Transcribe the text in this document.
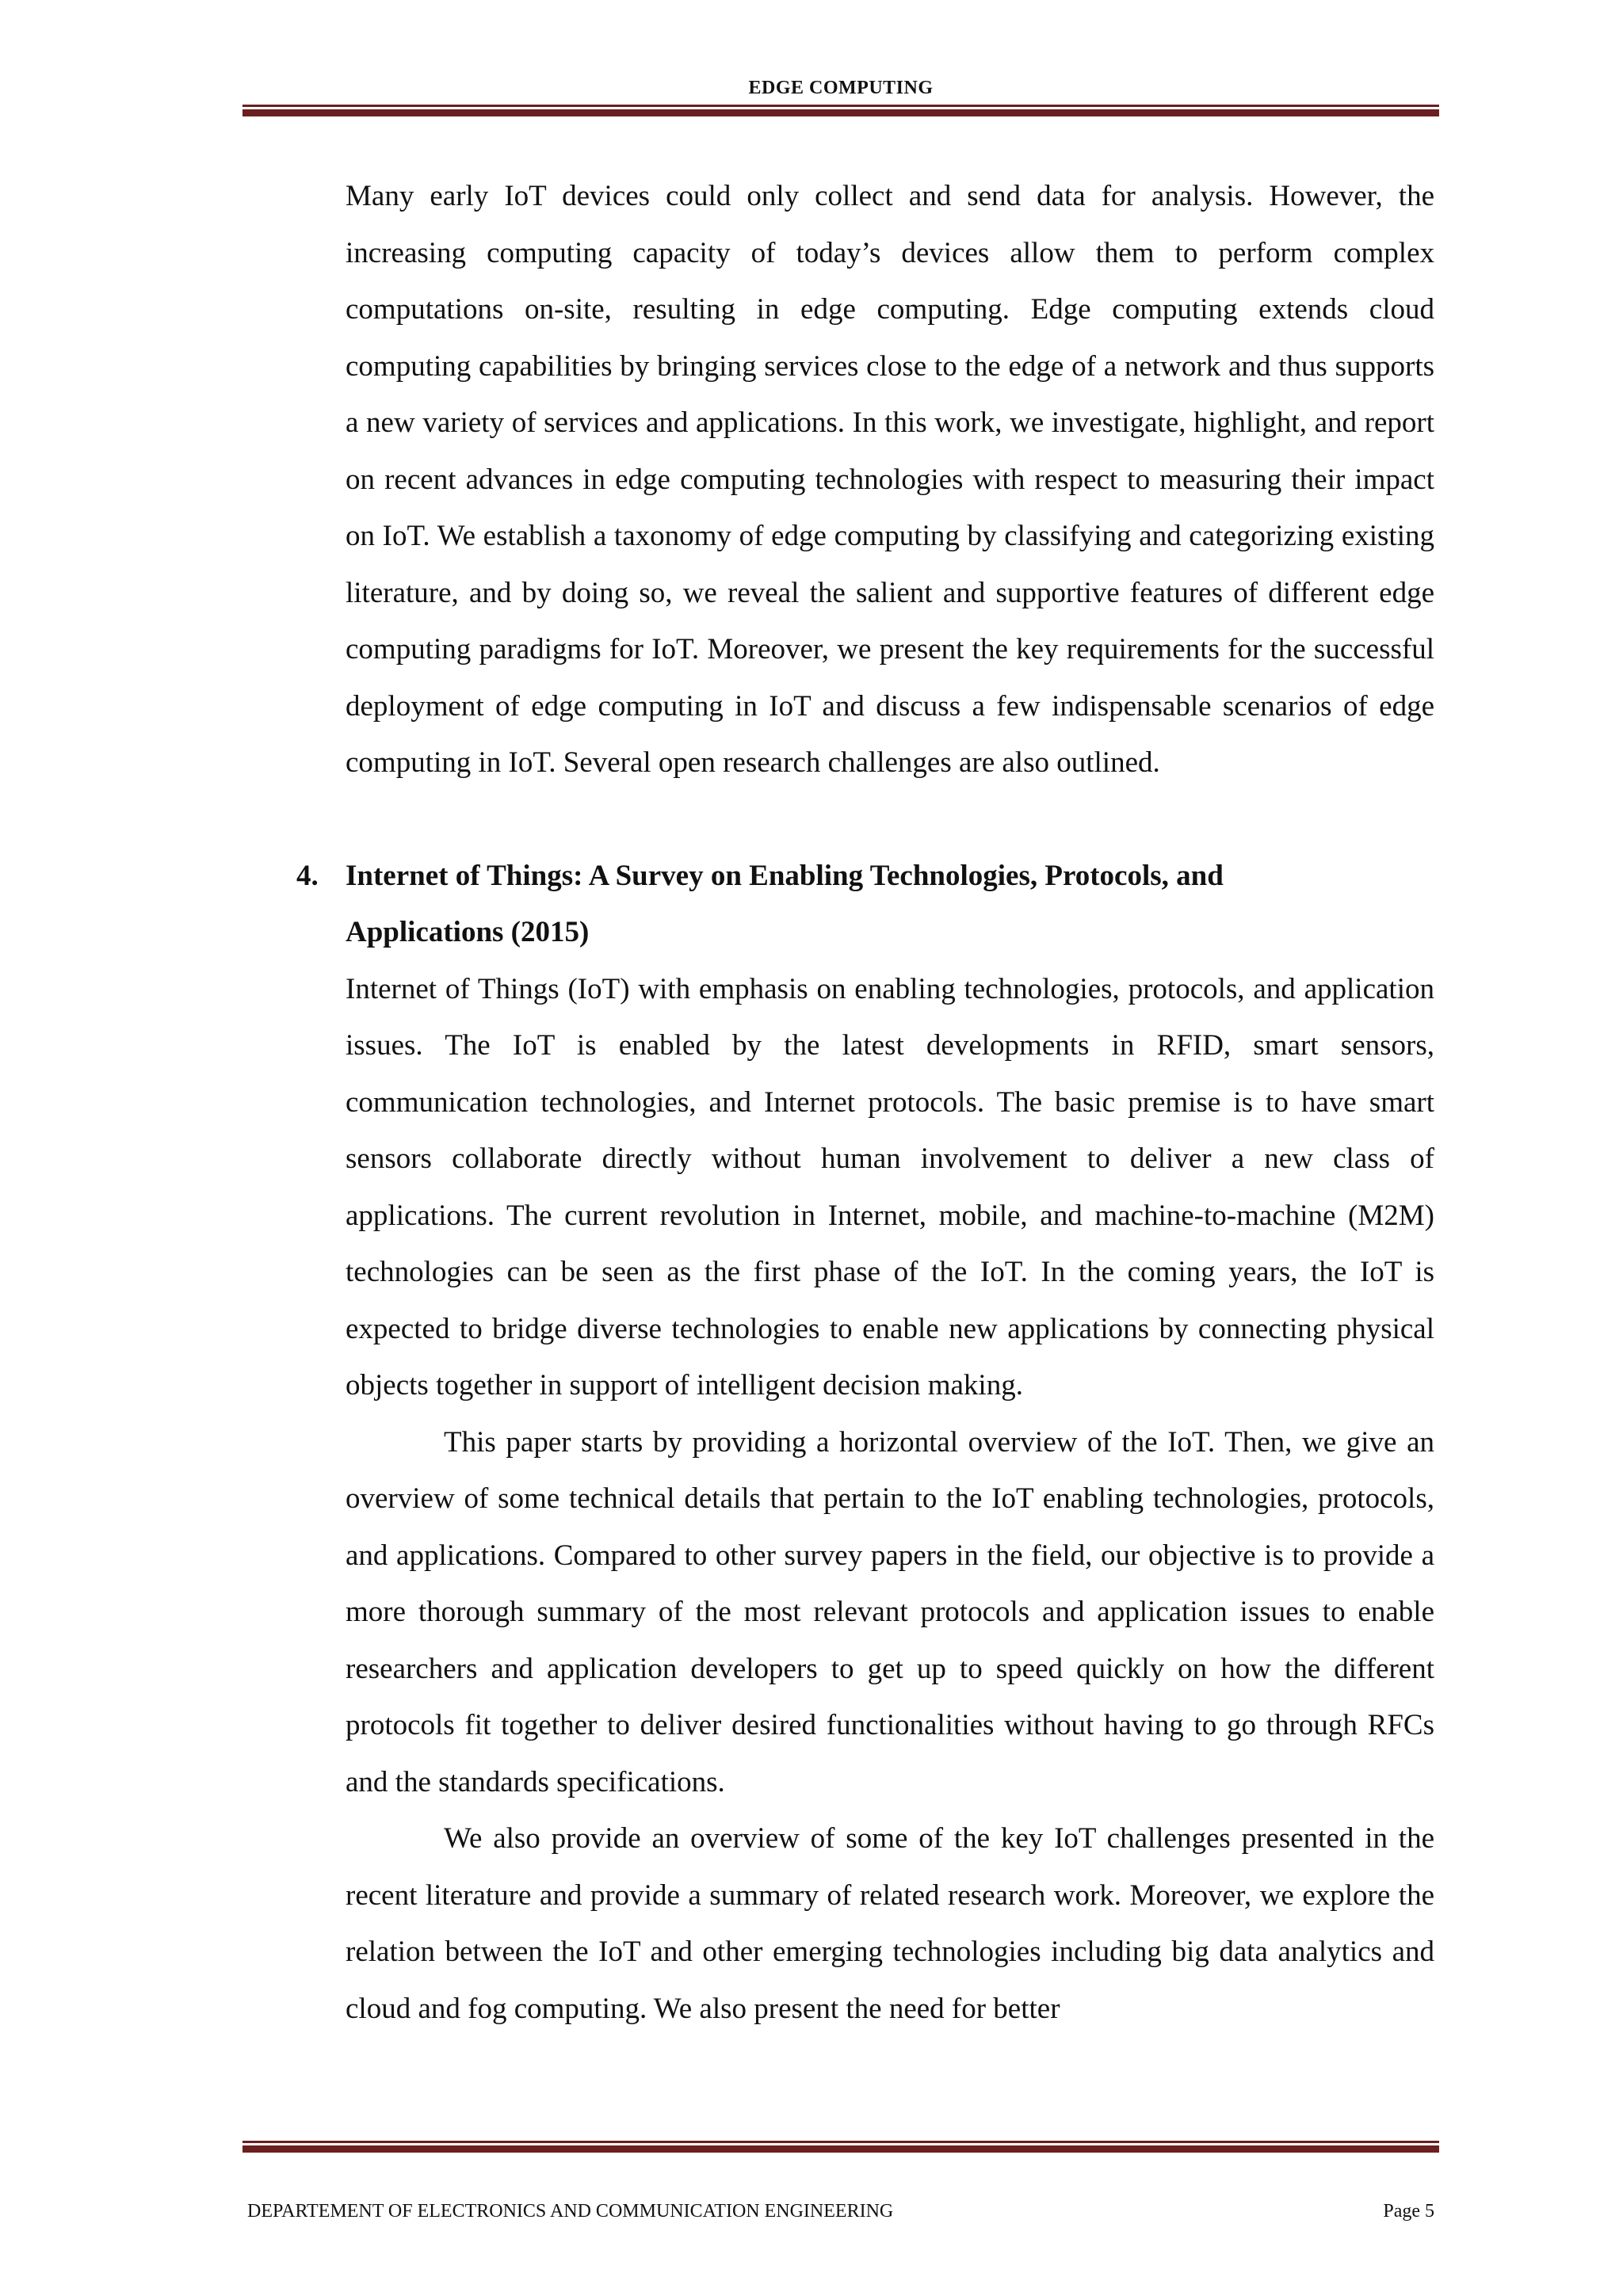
EDGE COMPUTING

Many early IoT devices could only collect and send data for analysis. However, the increasing computing capacity of today’s devices allow them to perform complex computations on-site, resulting in edge computing. Edge computing extends cloud computing capabilities by bringing services close to the edge of a network and thus supports a new variety of services and applications. In this work, we investigate, highlight, and report on recent advances in edge computing technologies with respect to measuring their impact on IoT. We establish a taxonomy of edge computing by classifying and categorizing existing literature, and by doing so, we reveal the salient and supportive features of different edge computing paradigms for IoT. Moreover, we present the key requirements for the successful deployment of edge computing in IoT and discuss a few indispensable scenarios of edge computing in IoT. Several open research challenges are also outlined.

4. Internet of Things: A Survey on Enabling Technologies, Protocols, and Applications (2015)

Internet of Things (IoT) with emphasis on enabling technologies, protocols, and application issues. The IoT is enabled by the latest developments in RFID, smart sensors, communication technologies, and Internet protocols. The basic premise is to have smart sensors collaborate directly without human involvement to deliver a new class of applications. The current revolution in Internet, mobile, and machine-to-machine (M2M) technologies can be seen as the first phase of the IoT. In the coming years, the IoT is expected to bridge diverse technologies to enable new applications by connecting physical objects together in support of intelligent decision making.

This paper starts by providing a horizontal overview of the IoT. Then, we give an overview of some technical details that pertain to the IoT enabling technologies, protocols, and applications. Compared to other survey papers in the field, our objective is to provide a more thorough summary of the most relevant protocols and application issues to enable researchers and application developers to get up to speed quickly on how the different protocols fit together to deliver desired functionalities without having to go through RFCs and the standards specifications.

We also provide an overview of some of the key IoT challenges presented in the recent literature and provide a summary of related research work. Moreover, we explore the relation between the IoT and other emerging technologies including big data analytics and cloud and fog computing. We also present the need for better

DEPARTEMENT OF ELECTRONICS AND COMMUNICATION ENGINEERING	Page 5
